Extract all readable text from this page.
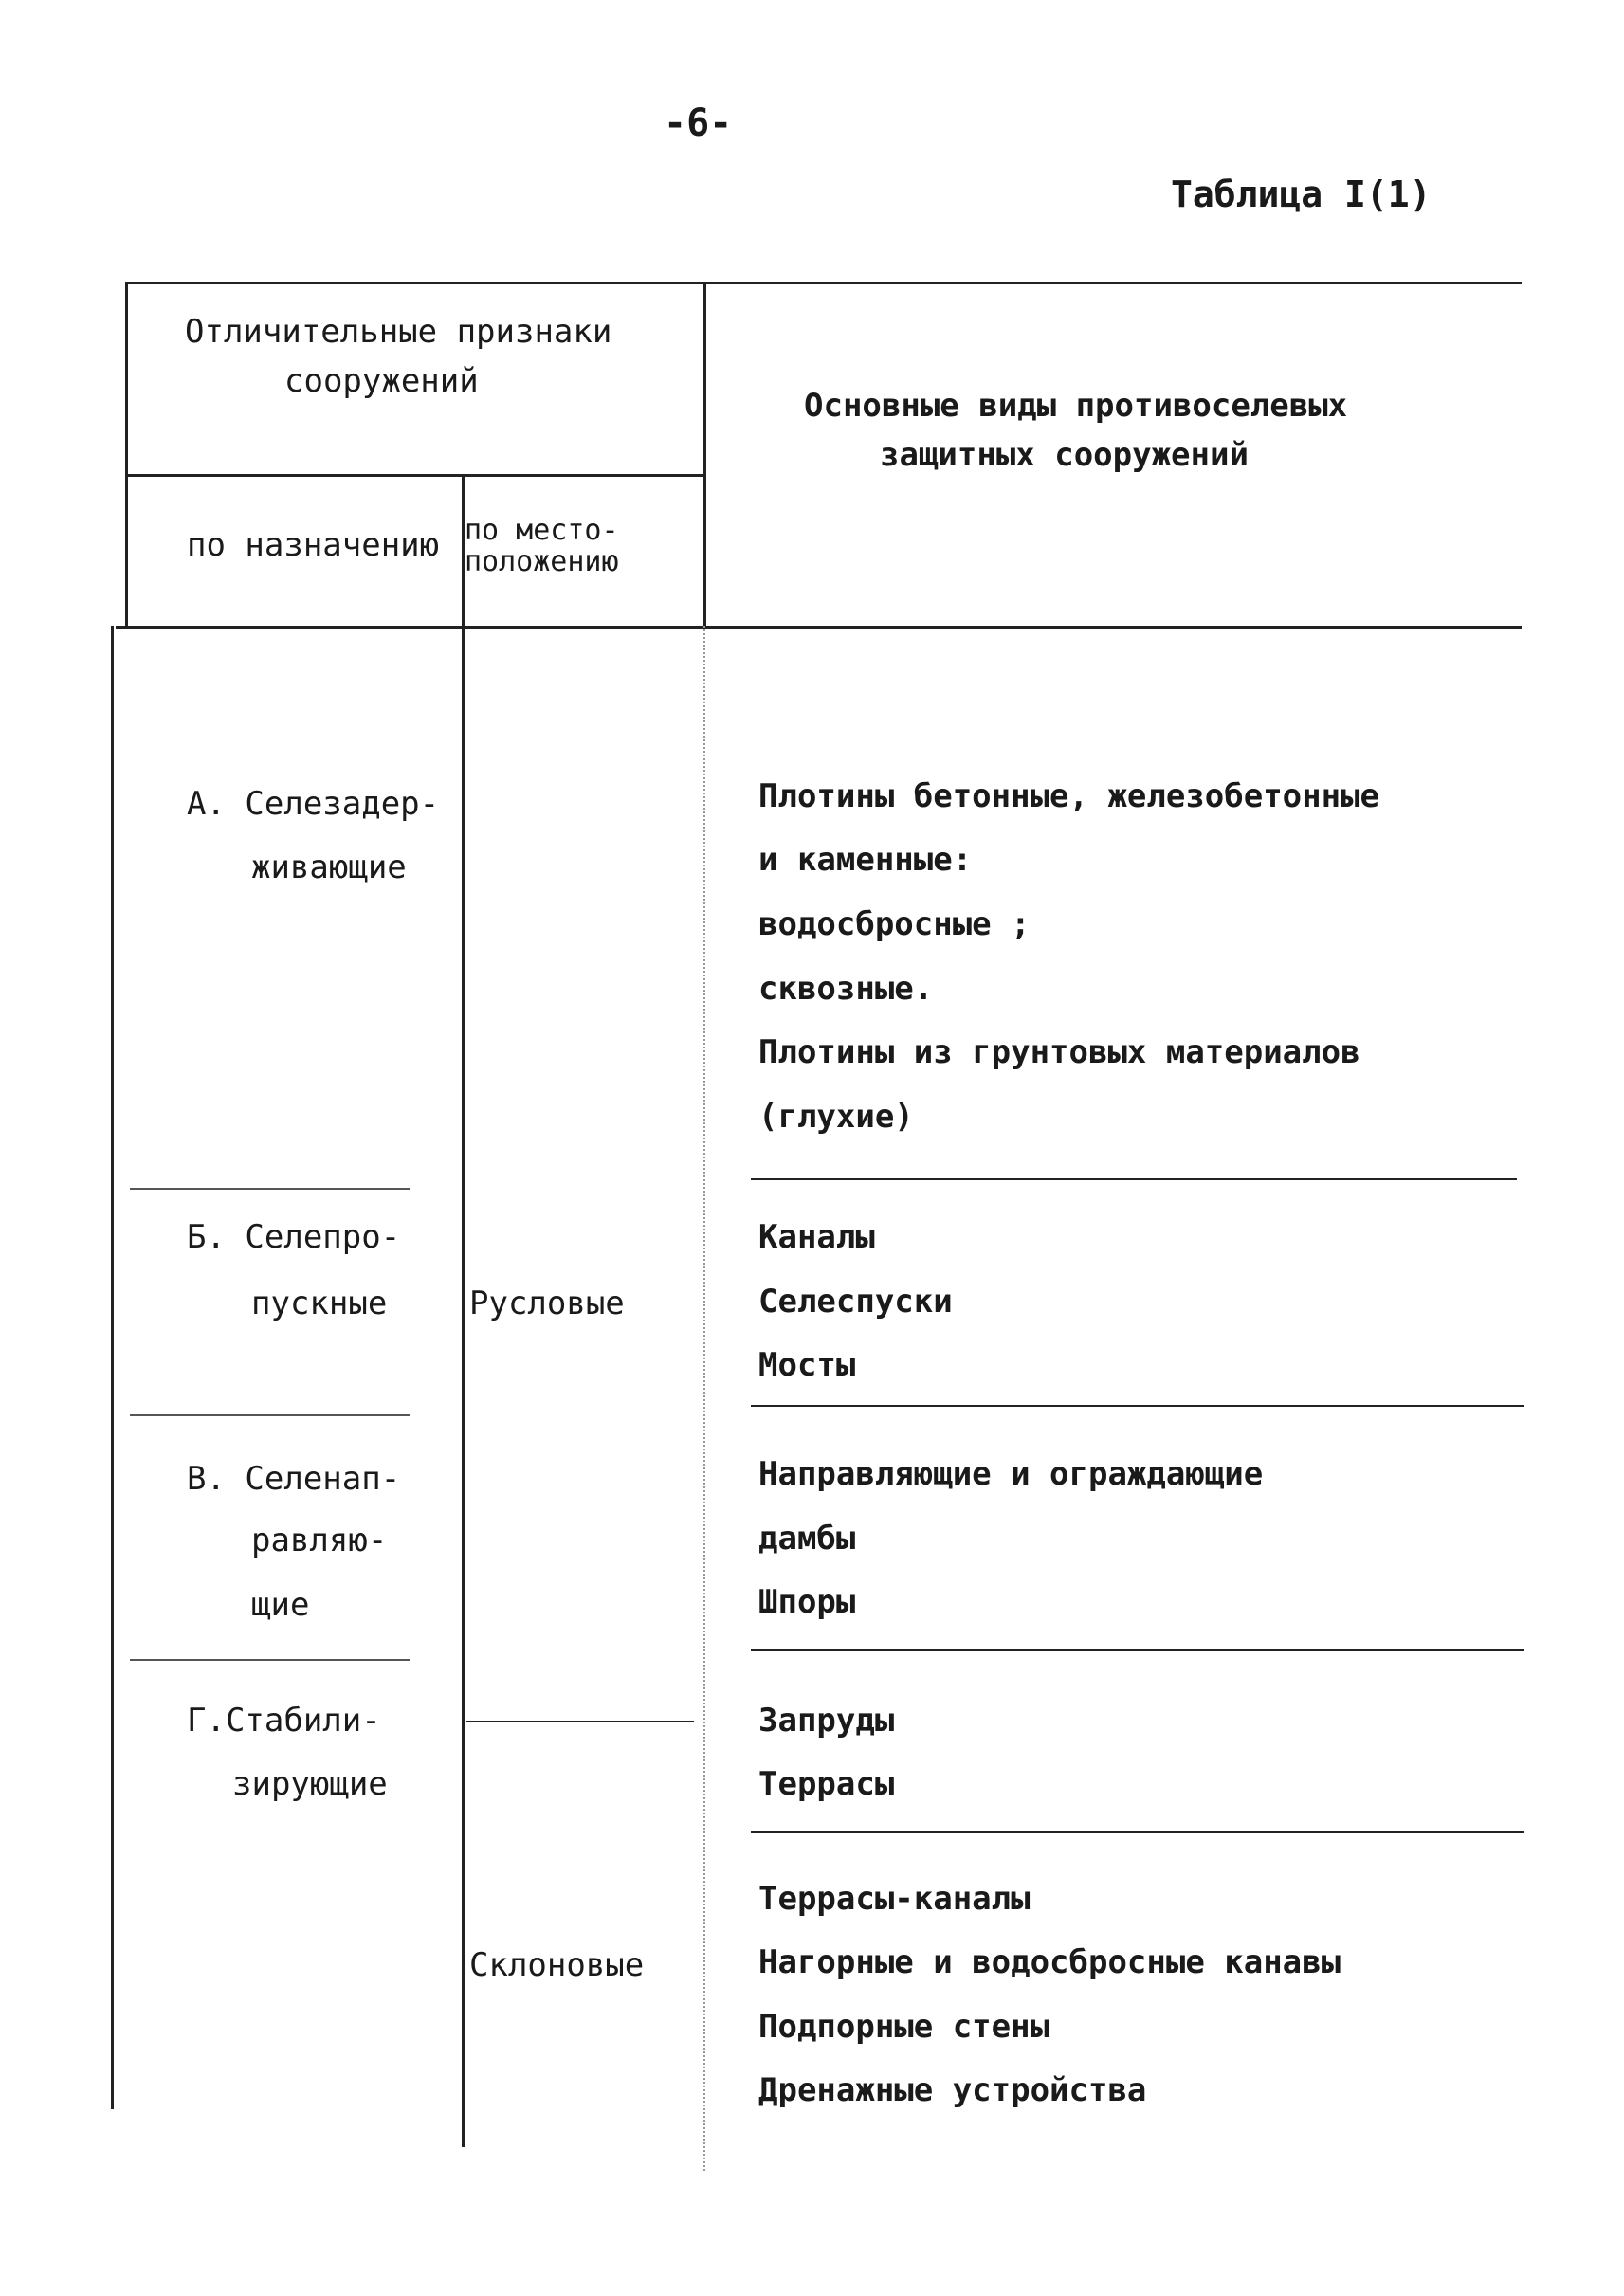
-6-
Таблица I(1)
Отличительные признаки
сооружений
Основные виды противоселевых
защитных сооружений
по назначению по место-
положению
А. Селезадер-
живающие
Б. Селепро-
пускные
В. Селенап-
равляю-
щие
Г.Стабили-
зирующие
Русловые
Склоновые
Плотины бетонные, железобетонные
и каменные:
водосбросные ;
сквозные.
Плотины из грунтовых материалов
(глухие)
Каналы
Селеспуски
Мосты
Направляющие и ограждающие
дамбы
Шпоры
Запруды
Террасы
Террасы-каналы
Нагорные и водосбросные канавы
Подпорные стены
Дренажные устройства
